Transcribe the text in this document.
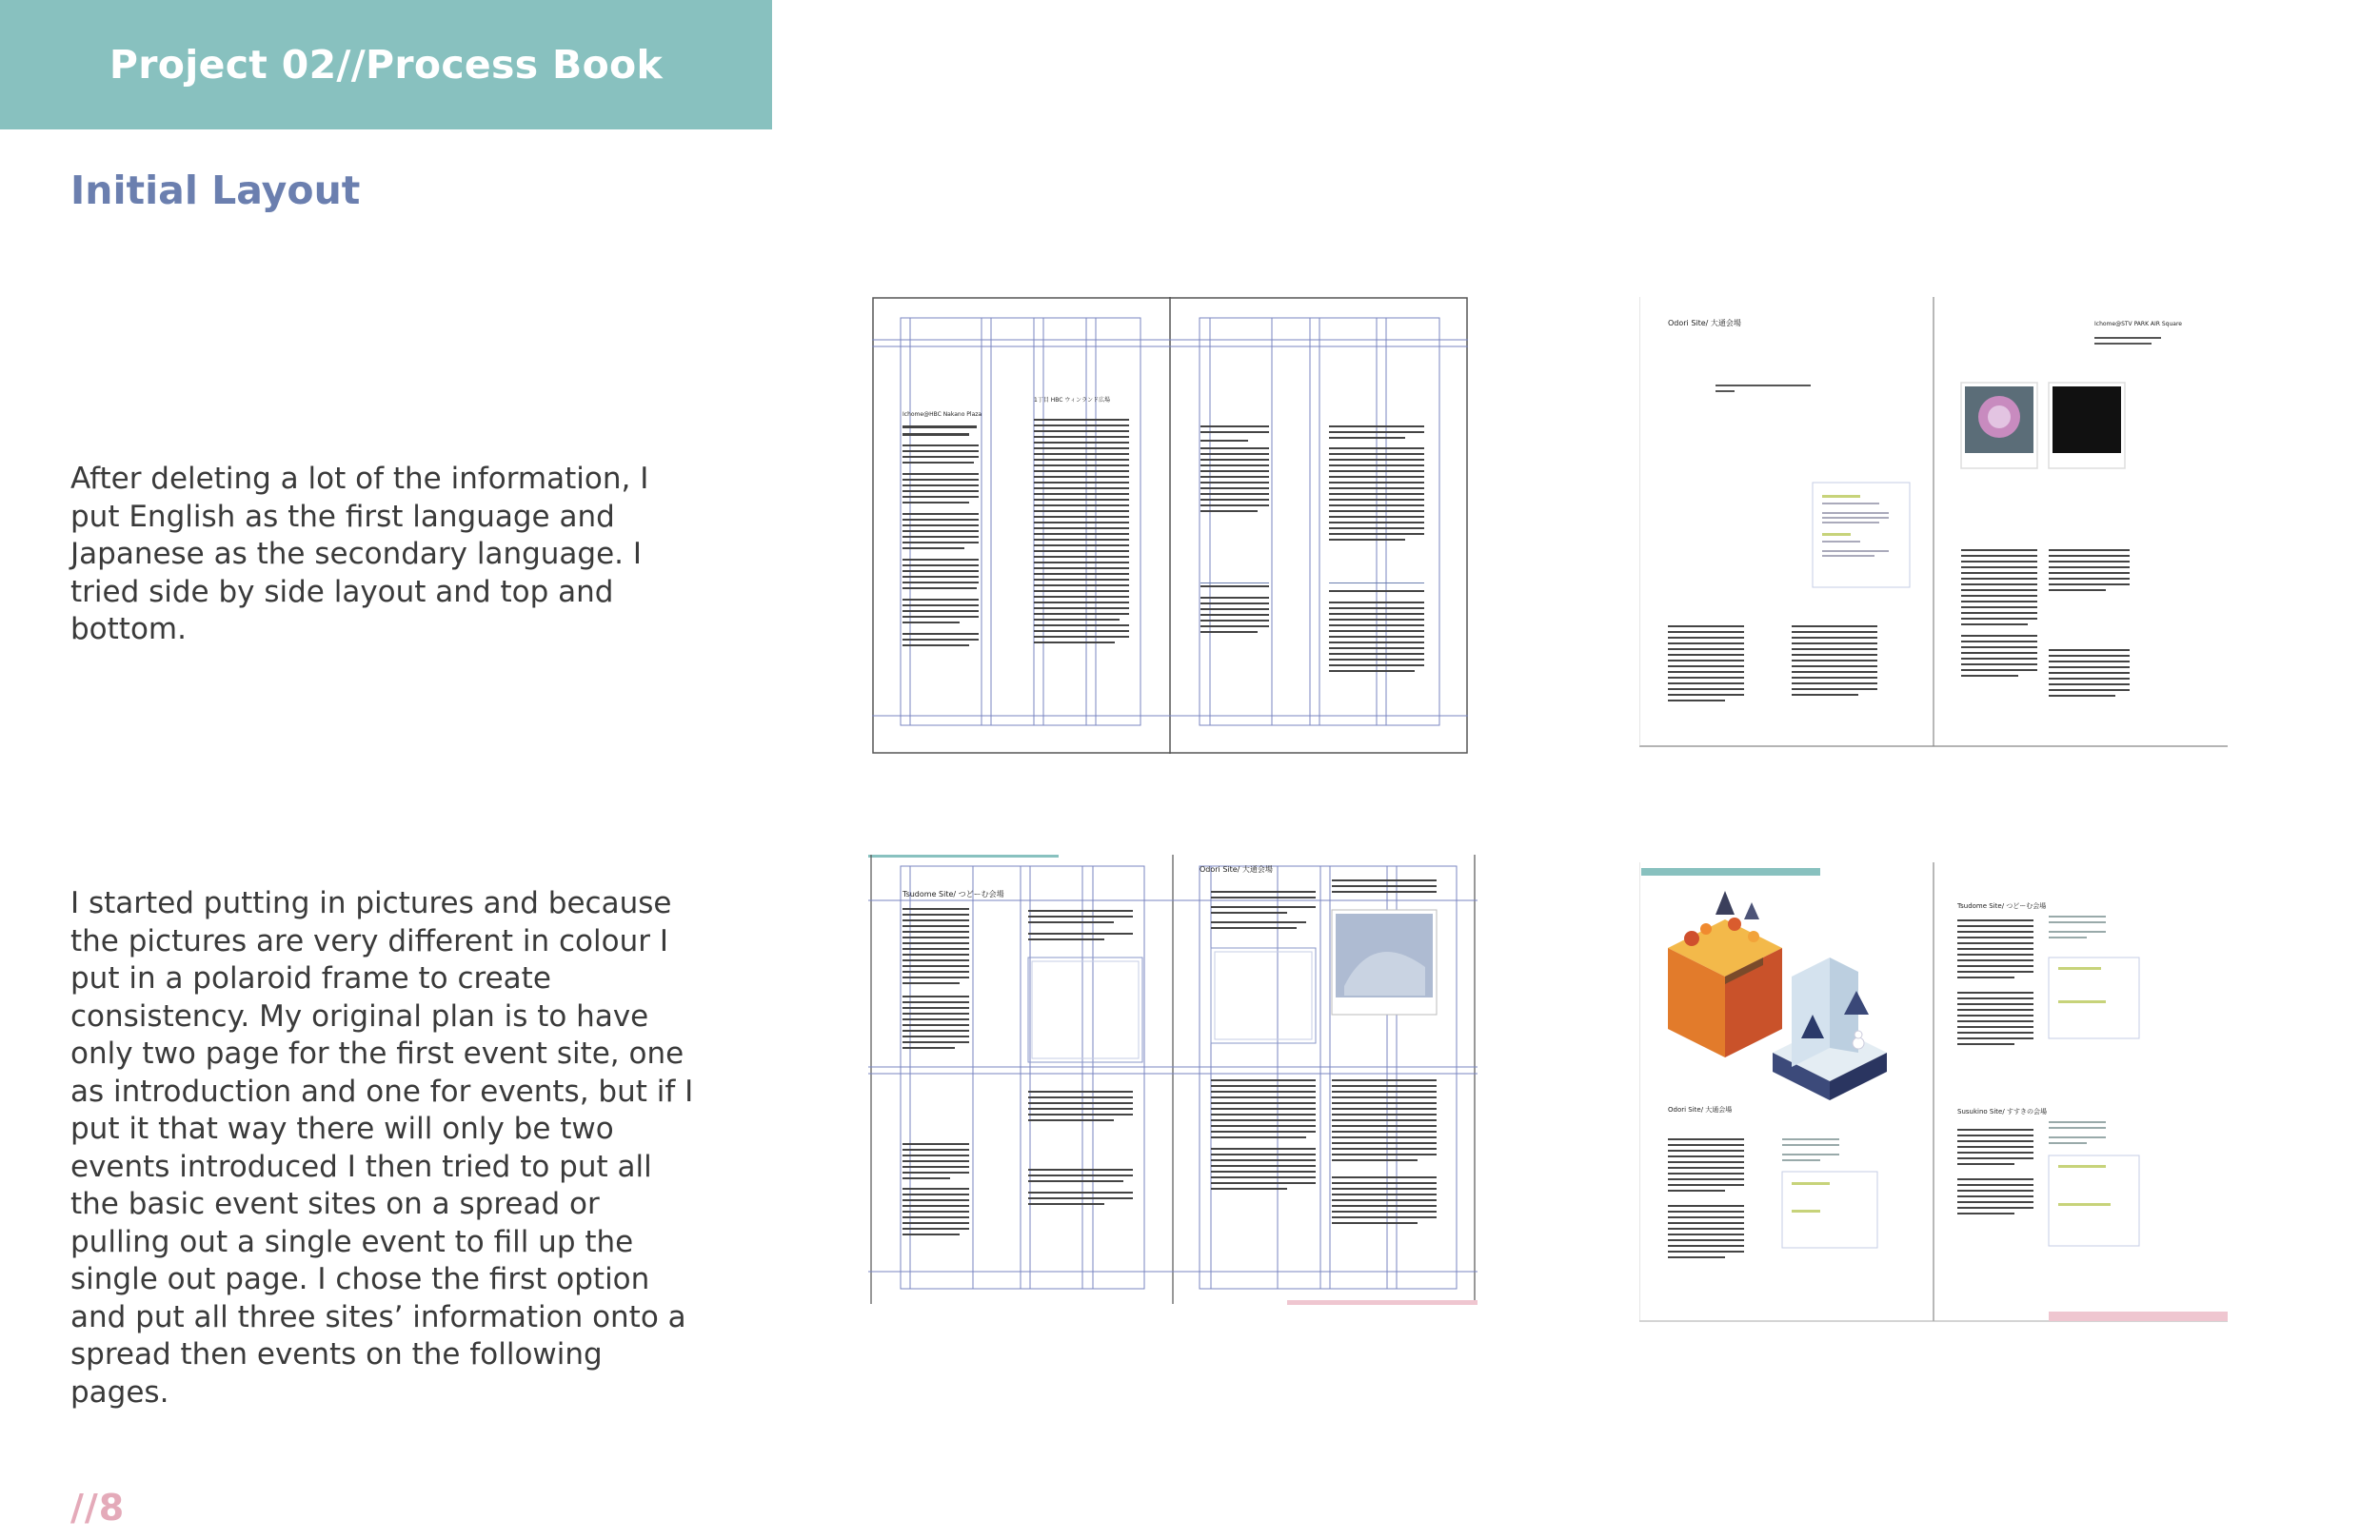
Project 02//Process Book
Initial Layout

After deleting a lot of the information, I put English as the first language and Japanese as the secondary language. I tried side by side layout and top and bottom.

I started putting in pictures and because the pictures are very different in colour I put in a polaroid frame to create consistency. My original plan is to have only two page for the first event site, one as introduction and one for events, but if I put it that way there will only be two events introduced I then tried to put all the basic event sites on a spread or pulling out a single event to fill up the single out page. I chose the first option and put all three sites’ information onto a spread then events on the following pages.

//8
Ichome@HBC Nakano Plaza
1丁目 HBC ウィンランド広場
Odori Site/ 大通会場	Ichome@STV PARK AIR Square
Tsudome Site/ つどーむ会場
Odori Site/ 大通会場
Odori Site/ 大通会場
Tsudome Site/ つどーむ会場
Susukino Site/ すすきの会場
